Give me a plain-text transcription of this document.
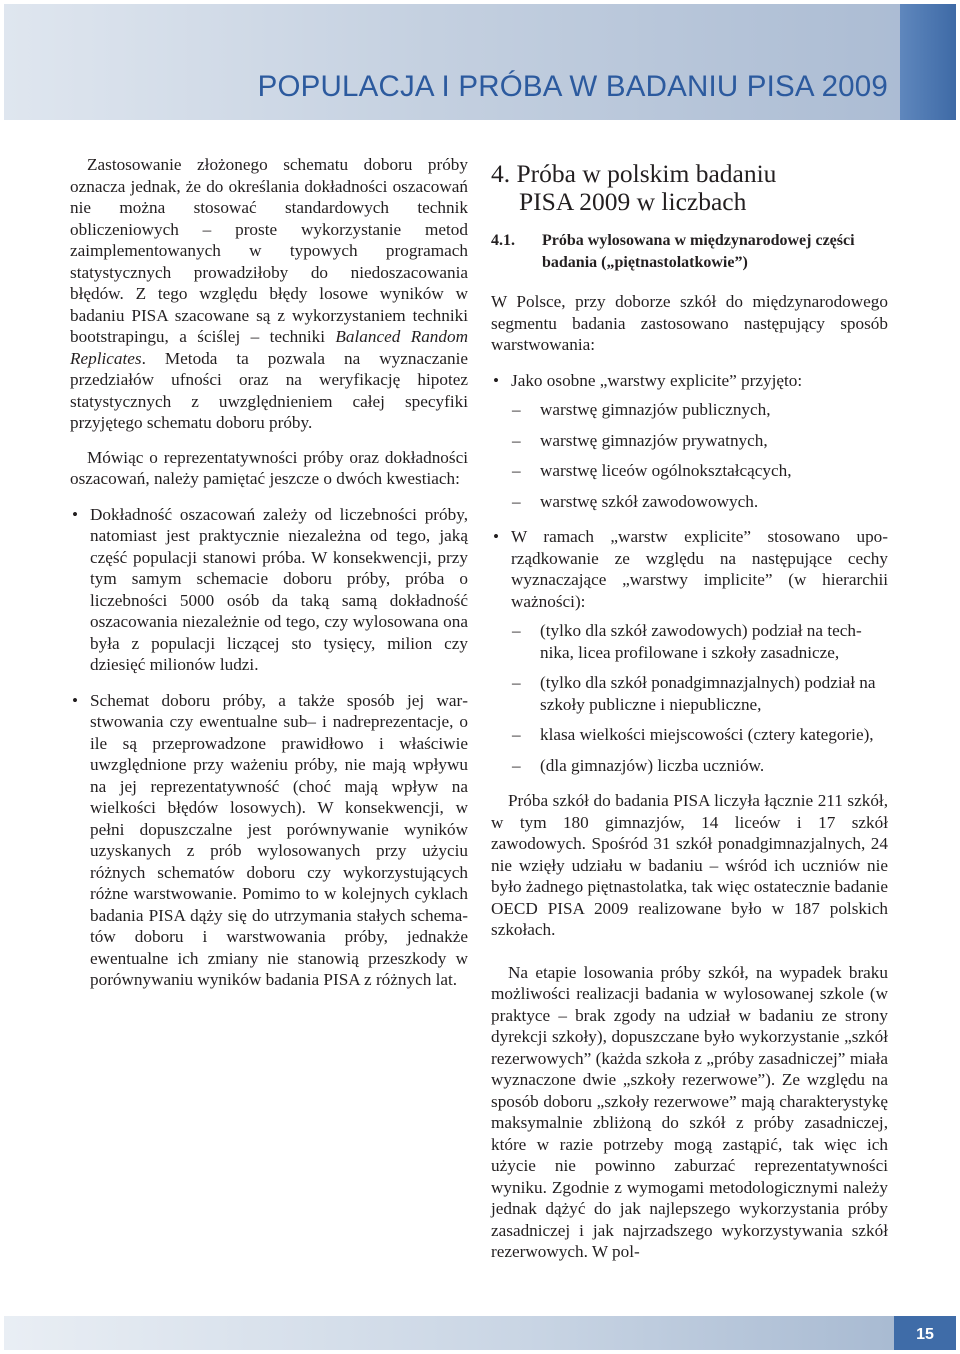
POPULACJA I PRÓBA W BADANIU PISA 2009

Zastosowanie złożonego schematu doboru próby oznacza jednak, że do określania dokładności oszacowań nie można stosować standardowych technik obliczeniowych – proste wykorzystanie metod zaimplementowanych w typowych programach statystycznych prowadziłoby do niedoszacowania błędów. Z tego względu błędy losowe wyników w badaniu PISA szacowane są z wykorzystaniem techniki bootstrapingu, a ściślej – techniki Balanced Random Replicates. Metoda ta pozwala na wyznaczanie przedziałów ufności oraz na weryfikację hipotez statystycznych z uwzględnieniem całej specyfiki przyjętego schematu doboru próby.

Mówiąc o reprezentatywności próby oraz dokładności oszacowań, należy pamiętać jeszcze o dwóch kwestiach:

• Dokładność oszacowań zależy od liczebności próby, natomiast jest praktycznie niezależna od tego, jaką część populacji stanowi próba. W konsekwencji, przy tym samym schemacie doboru próby, próba o liczebności 5000 osób da taką samą dokładność oszacowania niezależnie od tego, czy wylosowana ona była z populacji liczącej sto tysięcy, milion czy dziesięć milionów ludzi.
• Schemat doboru próby, a także sposób jej warstwowania czy ewentualne sub– i nadreprezentacje, o ile są przeprowadzone prawidłowo i właściwie uwzględnione przy ważeniu próby, nie mają wpływu na jej reprezentatywność (choć mają wpływ na wielkości błędów losowych). W konsekwencji, w pełni dopuszczalne jest porównywanie wyników uzyskanych z prób wylosowanych przy użyciu różnych schematów doboru czy wykorzystujących różne warstwowanie. Pomimo to w kolejnych cyklach badania PISA dąży się do utrzymania stałych schematów doboru i warstwowania próby, jednakże ewentualne ich zmiany nie stanowią przeszkody w porównywaniu wyników badania PISA z różnych lat.
4. Próba w polskim badaniu
PISA 2009 w liczbach
4.1.	Próba wylosowana w międzynarodowej części badania („piętnastolatkowie”)

W Polsce, przy doborze szkół do międzynarodowego segmentu badania zastosowano następujący sposób warstwowania:

• Jako osobne „warstwy explicite” przyjęto:
– warstwę gimnazjów publicznych,
– warstwę gimnazjów prywatnych,
– warstwę liceów ogólnokształcących,
– warstwę szkół zawodowowych.
• W ramach „warstw explicite” stosowano uporządkowanie ze względu na następujące cechy wyznaczające „warstwy implicite” (w hierarchii ważności):
– (tylko dla szkół zawodowych) podział na technika, licea profilowane i szkoły zasadnicze,
– (tylko dla szkół ponadgimnazjalnych) podział na szkoły publiczne i niepubliczne,
– klasa wielkości miejscowości (cztery kategorie),
– (dla gimnazjów) liczba uczniów.

Próba szkół do badania PISA liczyła łącznie 211 szkół, w tym 180 gimnazjów, 14 liceów i 17 szkół zawodowych. Spośród 31 szkół ponadgimnazjalnych, 24 nie wzięły udziału w badaniu – wśród ich uczniów nie było żadnego piętnastolatka, tak więc ostatecznie badanie OECD PISA 2009 realizowane było w 187 polskich szkołach.

Na etapie losowania próby szkół, na wypadek braku możliwości realizacji badania w wylosowanej szkole (w praktyce – brak zgody na udział w badaniu ze strony dyrekcji szkoły), dopuszczane było wykorzystanie „szkół rezerwowych” (każda szkoła z „próby zasadniczej” miała wyznaczone dwie „szkoły rezerwowe”). Ze względu na sposób doboru „szkoły rezerwowe” mają charakterystykę maksymalnie zbliżoną do szkół z próby zasadniczej, które w razie potrzeby mogą zastąpić, tak więc ich użycie nie powinno zaburzać reprezentatywności wyniku. Zgodnie z wymogami metodologicznymi należy jednak dążyć do jak najlepszego wykorzystania próby zasadniczej i jak najrzadszego wykorzystywania szkół rezerwowych. W pol-

15
